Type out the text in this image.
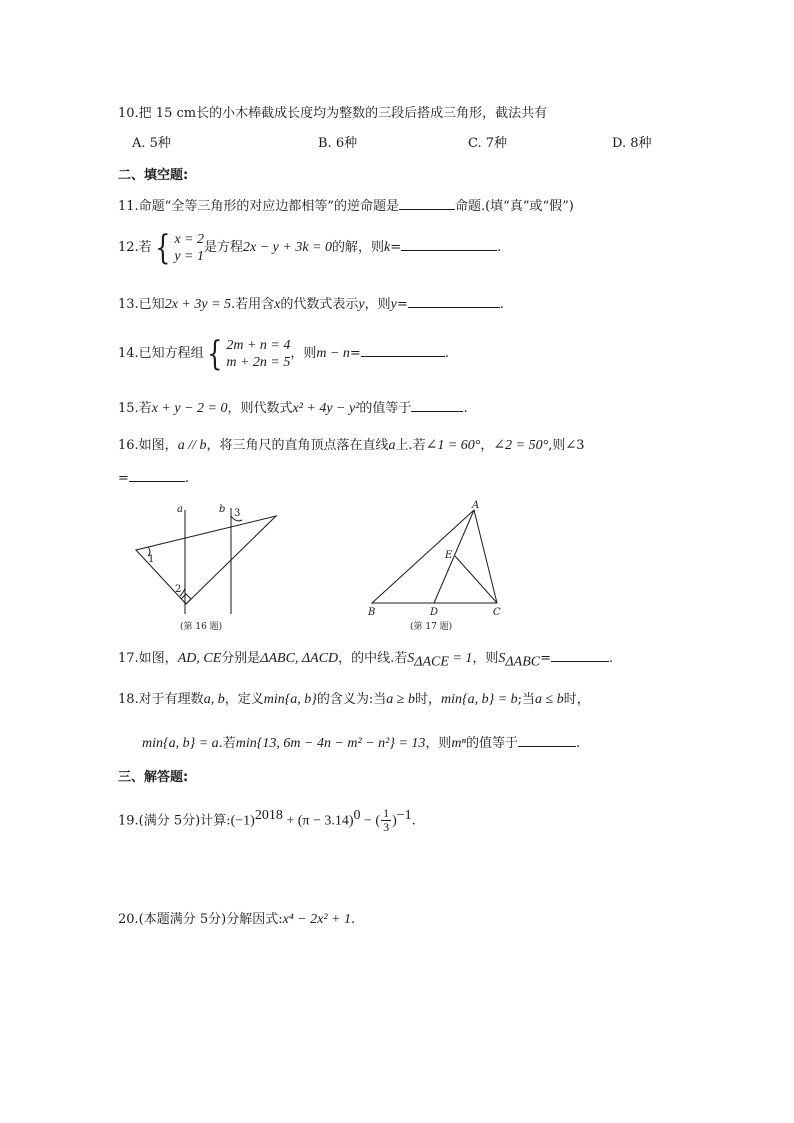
10.把 15 cm长的小木棒截成长度均为整数的三段后搭成三角形，截法共有
A. 5种	B. 6种	C. 7种	D. 8种
二、填空题:
11.命题“全等三角形的对应边都相等”的逆命题是	命题.(填“真”或“假”)
12.若 { x = 2
y = 1
是方程2x − y + 3k = 0的解，则k=	.
13.已知2x + 3y = 5.若用含x的代数式表示y，则y=	.
14.已知方程组 { 2m + n = 4
m + 2n = 5
，则m − n=	.
15.若x + y − 2 = 0，则代数式x² + 4y − y²的值等于	.
16.如图，a // b，将三角尺的直角顶点落在直线a上.若∠1 = 60°，∠2 = 50°,则∠3
=	.
a	b
1
2
3
(第 16 题)
A
B	C
D
E
(第 17 题)
17.如图，AD, CE分别是ΔABC, ΔACD，的中线.若$S_{\Delta ACE} = 1$，则$S_{\Delta ABC}=$	.
18.对于有理数a, b，定义min{a, b}的含义为:当a ≥ b时，min{a, b} = b;当a ≤ b时，
min{a, b} = a.若min{13, 6m − 4n − m² − n²} = 13，则mⁿ的值等于	.
三、解答题:
19.(满分 5分)计算$:(-1)^{2018} + (\pi - 3.14)^0$ − ( $\frac{1}{3} )^{-1}$.
20.(本题满分 5分)分解因式:x⁴ − 2x² + 1.
